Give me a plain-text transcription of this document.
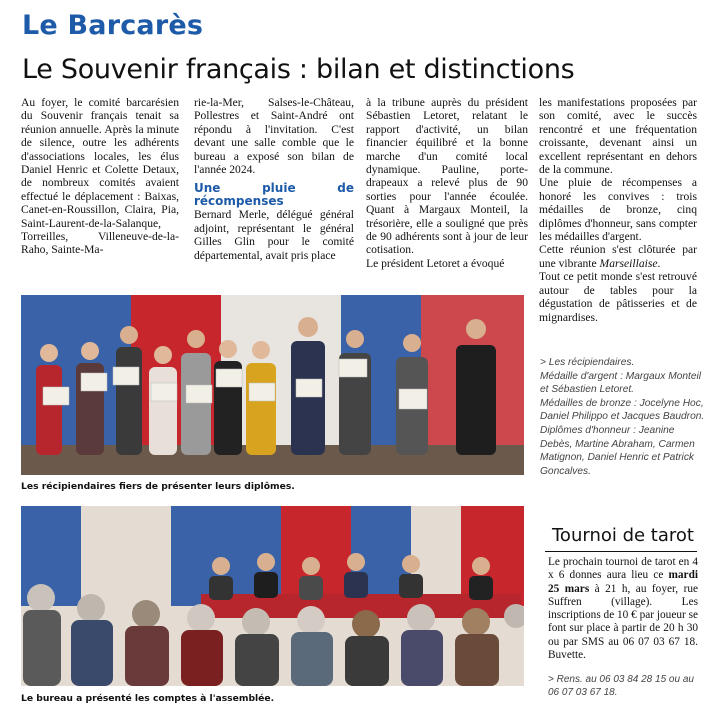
Le Barcarès
Le Souvenir français : bilan et distinctions

Au foyer, le comité barcarésien du Souvenir français tenait sa réunion annuelle. Après la minute de silence, outre les adhérents d'associations locales, les élus Daniel Henric et Colette Detaux, de nombreux comités avaient effectué le déplacement : Baixas, Canet-en-Roussillon, Claira, Pia, Saint-Laurent-de-la-Salanque, Torreilles, Villeneuve-de-la-Raho, Sainte-Ma-

rie-la-Mer, Salses-le-Château, Pollestres et Saint-André ont répondu à l'invitation. C'est devant une salle comble que le bureau a exposé son bilan de l'année 2024.

Une pluie de récompenses

Bernard Merle, délégué général adjoint, représentant le général Gilles Glin pour le comité départemental, avait pris place

à la tribune auprès du président Sébastien Letoret, relatant le rapport d'activité, un bilan financier équilibré et la bonne marche d'un comité local dynamique. Pauline, porte-drapeaux a relevé plus de 90 sorties pour l'année écoulée. Quant à Margaux Monteil, la trésorière, elle a souligné que près de 90 adhérents sont à jour de leur cotisation.

Le président Letoret a évoqué

les manifestations proposées par son comité, avec le succès rencontré et une fréquentation croissante, devenant ainsi un excellent représentant en dehors de la commune.

Une pluie de récompenses a honoré les convives : trois médailles de bronze, cinq diplômes d'honneur, sans compter les médailles d'argent.

Cette réunion s'est clôturée par une vibrante Marseillaise.

Tout ce petit monde s'est retrouvé autour de tables pour la dégustation de pâtisseries et de mignardises.

Les récipiendaires fiers de présenter leurs diplômes.
> Les récipiendaires.
Médaille d'argent : Margaux Monteil et Sébastien Letoret.
Médailles de bronze : Jocelyne Hoc, Daniel Philippo et Jacques Baudron.
Diplômes d'honneur : Jeanine Debès, Martine Abraham, Carmen Matignon, Daniel Henric et Patrick Goncalves.
Le bureau a présenté les comptes à l'assemblée.
Tournoi de tarot
Le prochain tournoi de tarot en 4 x 6 donnes aura lieu ce mardi 25 mars à 21 h, au foyer, rue Suffren (village). Les inscriptions de 10 € par joueur se font sur place à partir de 20 h 30 ou par SMS au 06 07 03 67 18. Buvette.
> Rens. au 06 03 84 28 15 ou au 06 07 03 67 18.
